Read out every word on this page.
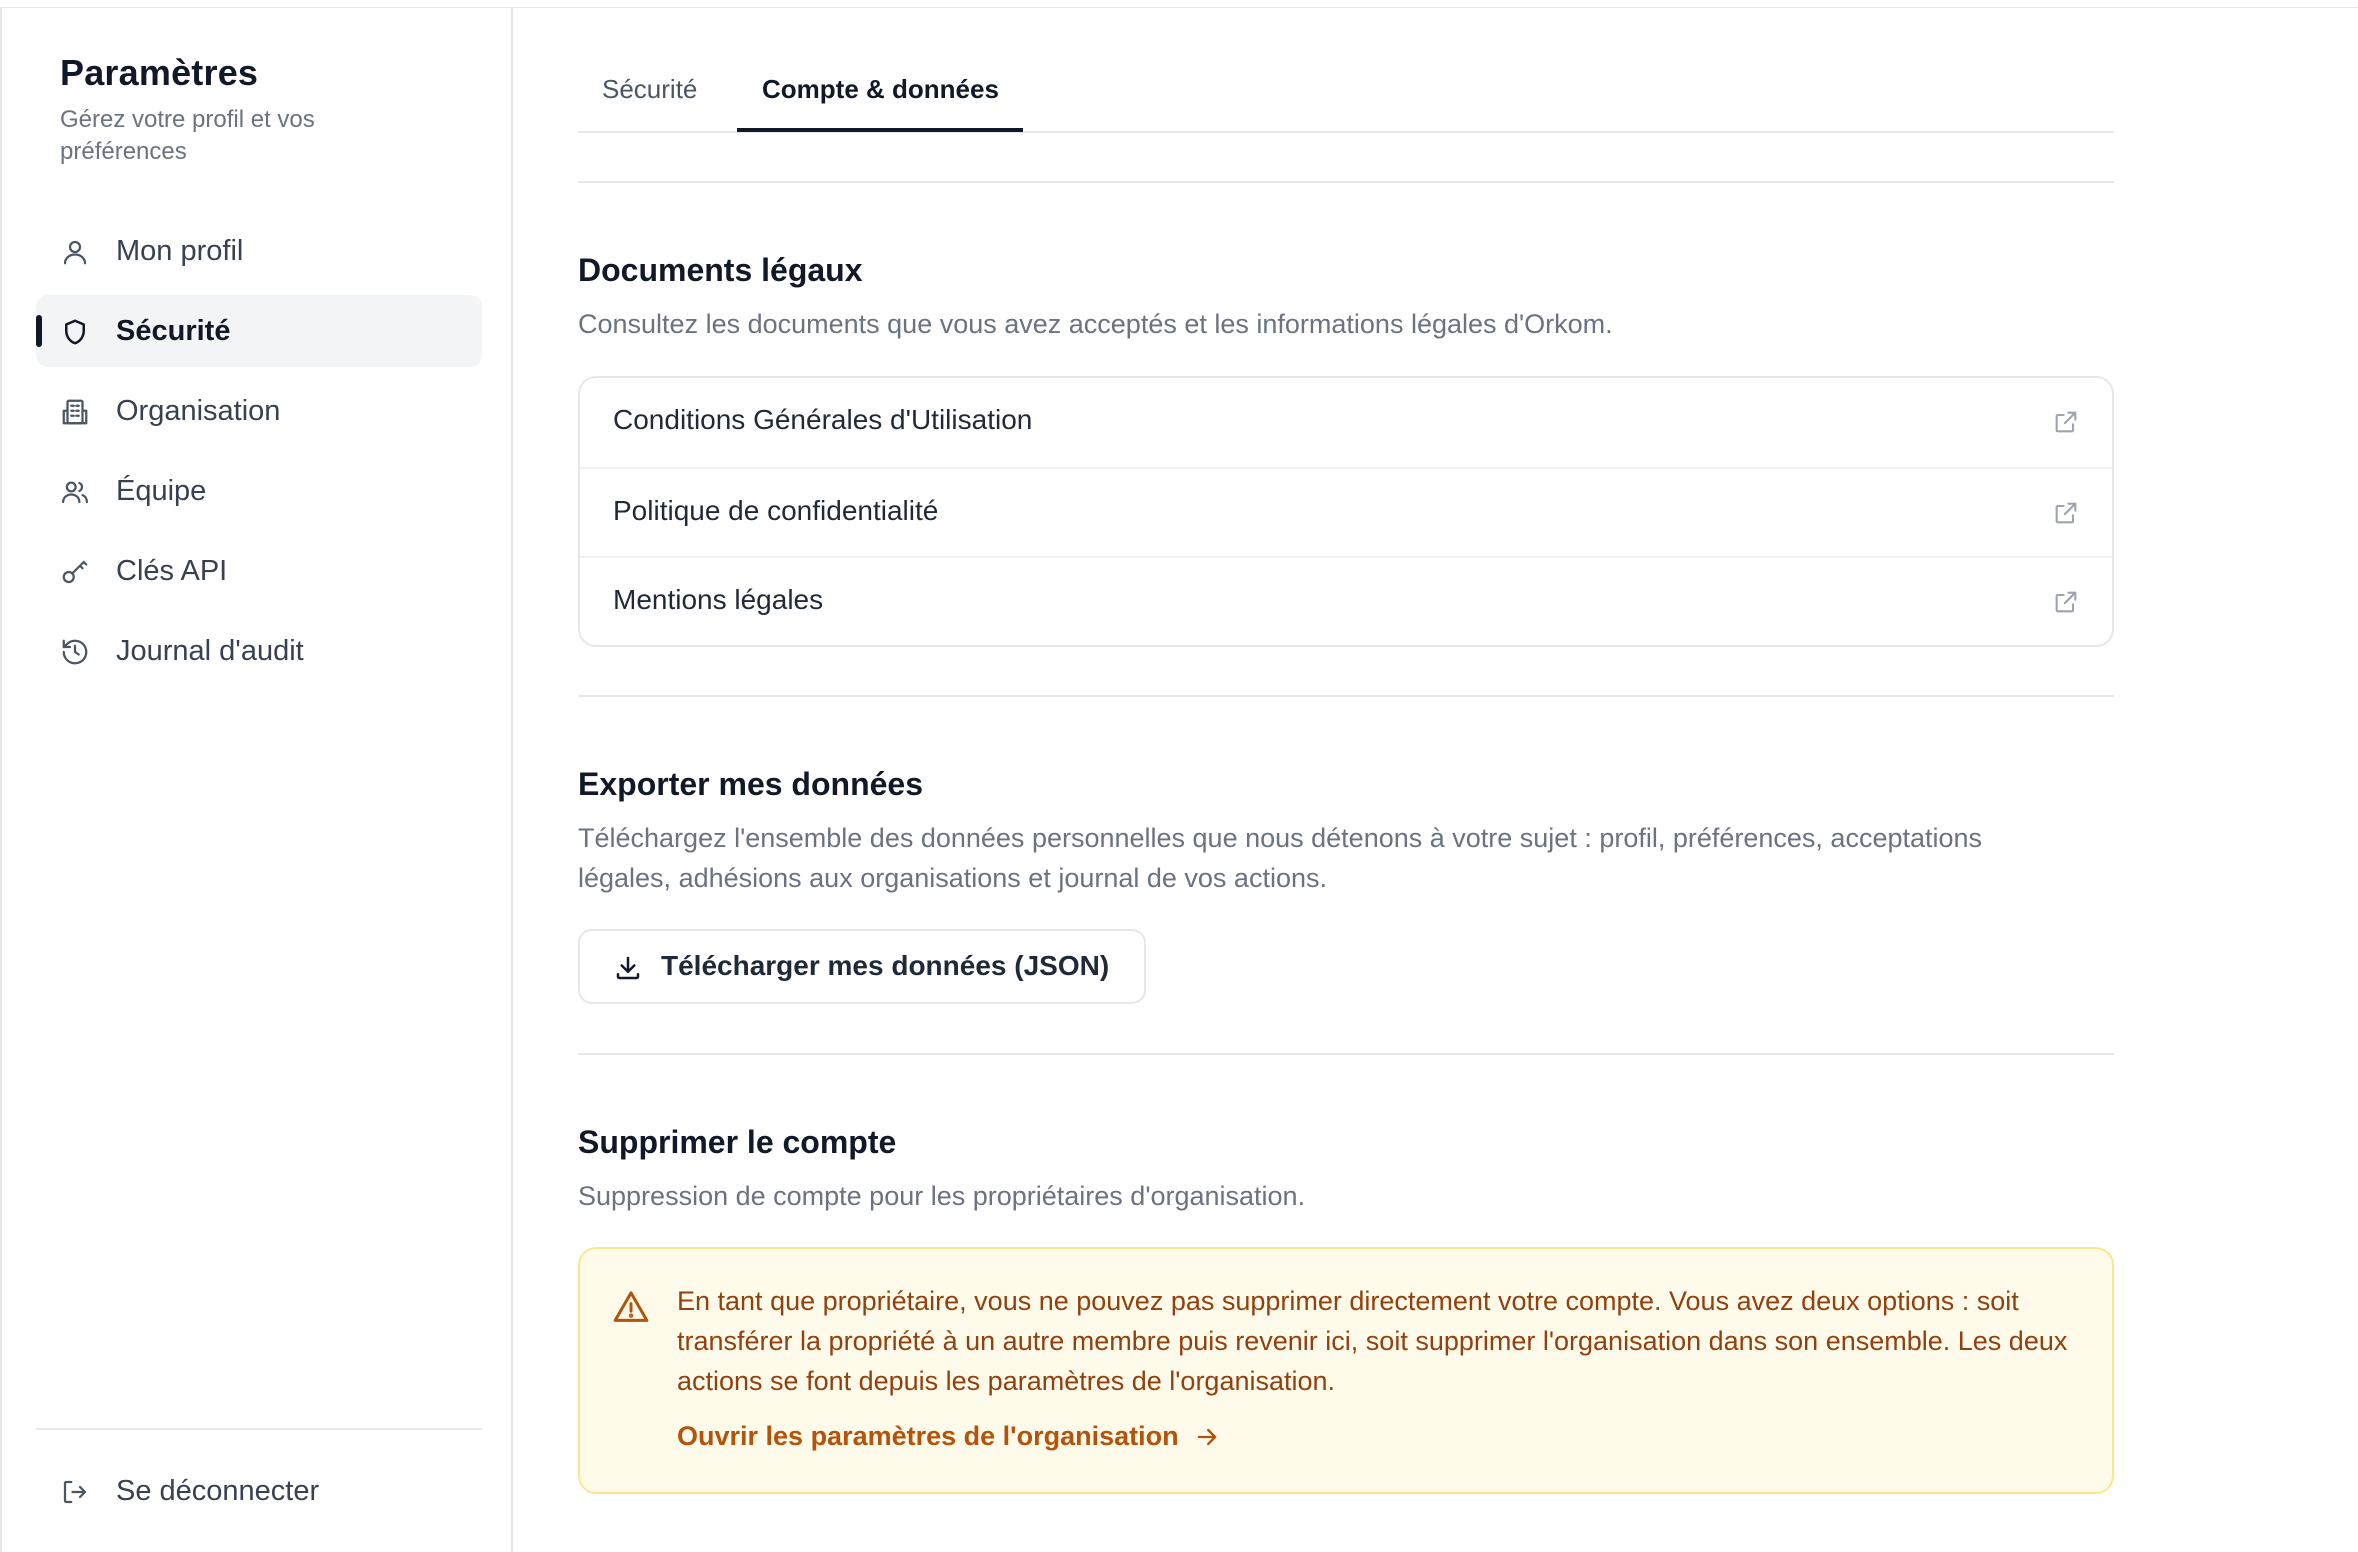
Paramètres
Gérez votre profil et vos préférences
Mon profil
Sécurité
Organisation
Équipe
Clés API
Journal d'audit
Se déconnecter
Sécurité Compte & données
Documents légaux

Consultez les documents que vous avez acceptés et les informations légales d'Orkom.

Conditions Générales d'Utilisation
Politique de confidentialité
Mentions légales
Exporter mes données

Téléchargez l'ensemble des données personnelles que nous détenons à votre sujet : profil, préférences, acceptations légales, adhésions aux organisations et journal de vos actions.

Télécharger mes données (JSON)
Supprimer le compte

Suppression de compte pour les propriétaires d'organisation.

En tant que propriétaire, vous ne pouvez pas supprimer directement votre compte. Vous avez deux options : soit transférer la propriété à un autre membre puis revenir ici, soit supprimer l'organisation dans son ensemble. Les deux actions se font depuis les paramètres de l'organisation.

Ouvrir les paramètres de l'organisation
